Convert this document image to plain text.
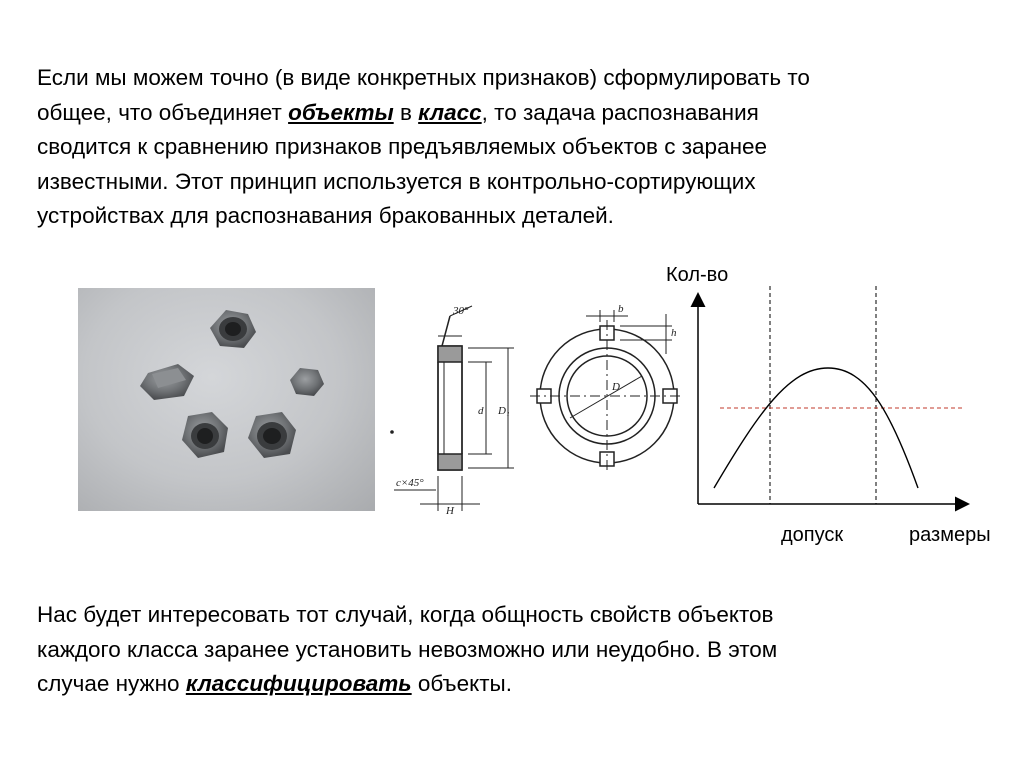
Если мы можем точно (в виде конкретных признаков) сформулировать то
общее, что объединяет объекты в класс, то задача распознавания
сводится к сравнению признаков предъявляемых объектов с заранее
известными. Этот принцип используется в контрольно-сортирующих
устройствах для распознавания бракованных деталей.

30°
d D₁
c×45°
H
b
h
D
Кол-во
допуск	размеры

Нас будет интересовать тот случай, когда общность свойств объектов
каждого класса заранее установить невозможно или неудобно. В этом
случае нужно классифицировать объекты.
